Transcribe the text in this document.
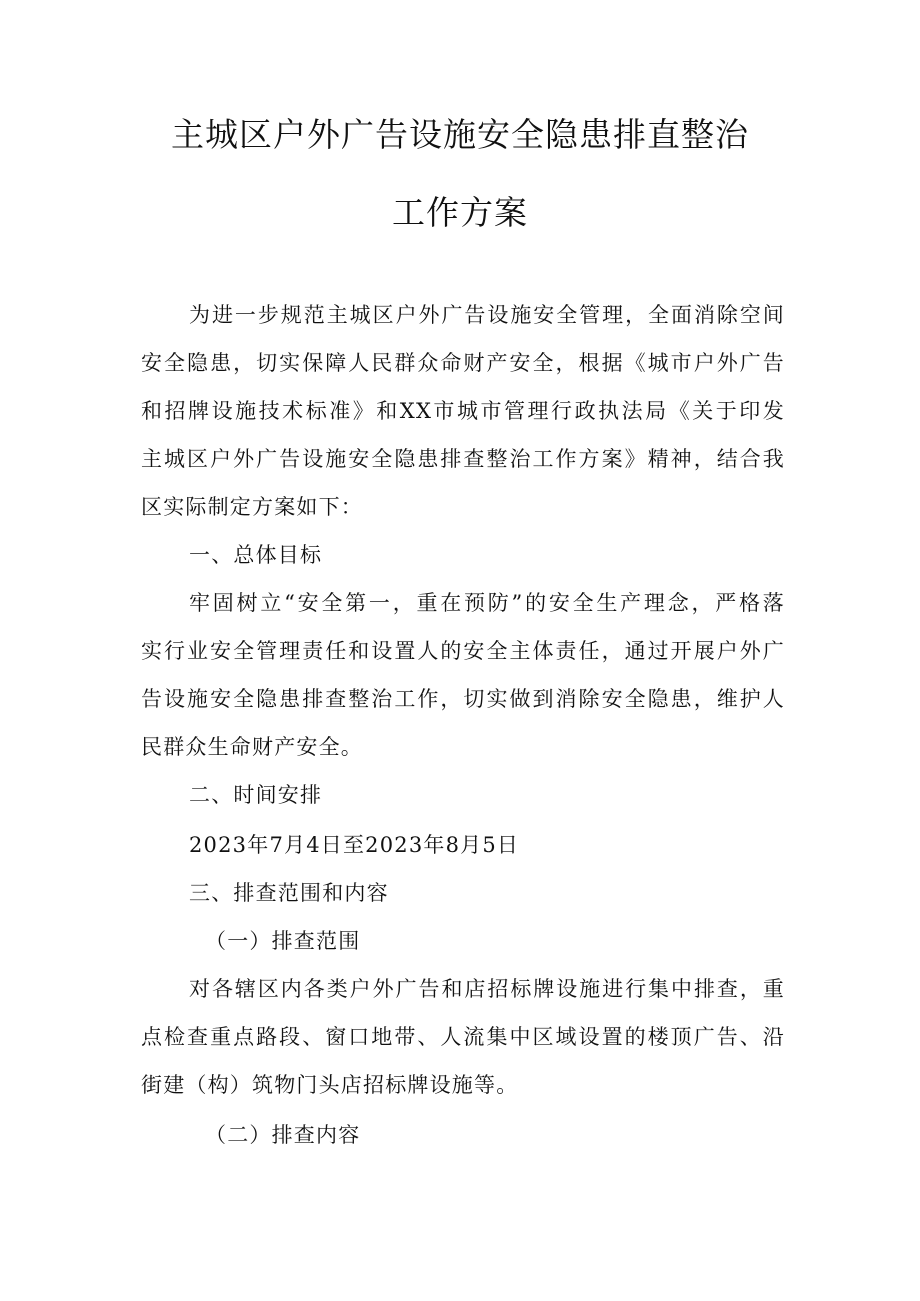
主城区户外广告设施安全隐患排直整治
工作方案
为进一步规范主城区户外广告设施安全管理，全面消除空间
安全隐患，切实保障人民群众命财产安全，根据《城市户外广告
和招牌设施技术标准》和XX市城市管理行政执法局《关于印发
主城区户外广告设施安全隐患排查整治工作方案》精神，结合我
区实际制定方案如下：
一、总体目标
牢固树立“安全第一，重在预防”的安全生产理念，严格落
实行业安全管理责任和设置人的安全主体责任，通过开展户外广
告设施安全隐患排查整治工作，切实做到消除安全隐患，维护人
民群众生命财产安全。
二、时间安排
2023年7月4日至2023年8月5日
三、排查范围和内容
（一）排查范围
对各辖区内各类户外广告和店招标牌设施进行集中排查，重
点检查重点路段、窗口地带、人流集中区域设置的楼顶广告、沿
街建（构）筑物门头店招标牌设施等。
（二）排查内容
